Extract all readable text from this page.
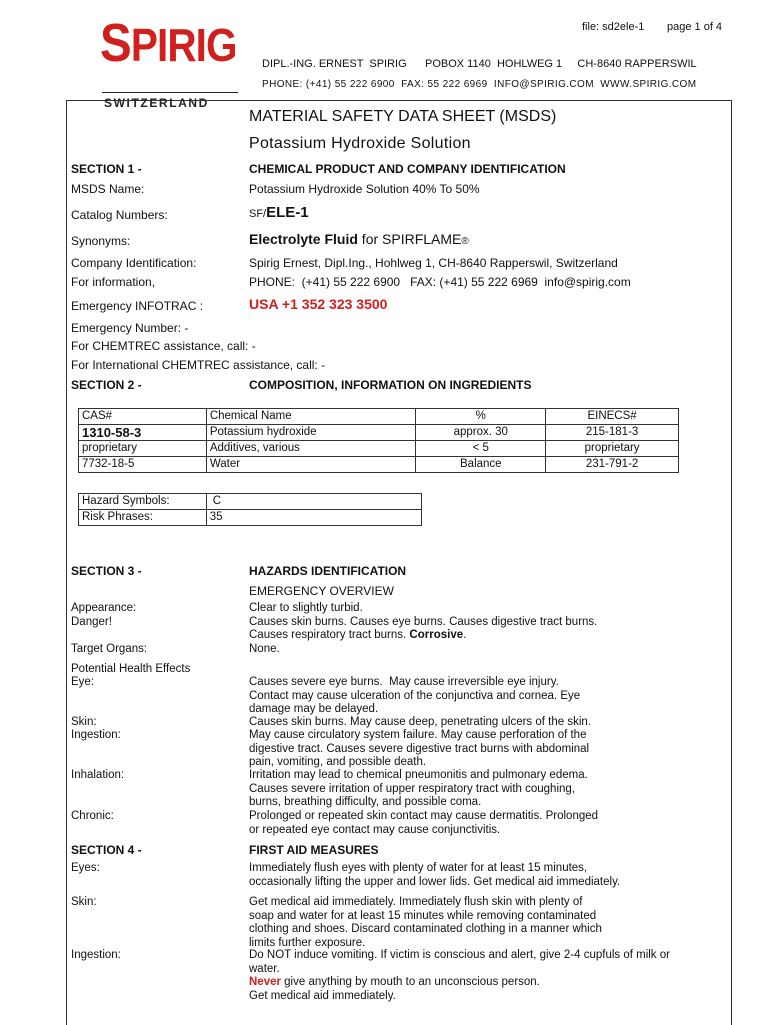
file: sd2ele-1 page 1 of 4
SPIRIG
SWITZERLAND
DIPL.-ING. ERNEST  SPIRIG      POBOX 1140  HOHLWEG 1     CH-8640 RAPPERSWIL
PHONE: (+41) 55 222 6900  FAX: 55 222 6969  INFO@SPIRIG.COM  WWW.SPIRIG.COM
MATERIAL SAFETY DATA SHEET (MSDS)
Potassium Hydroxide Solution
SECTION 1 -	CHEMICAL PRODUCT AND COMPANY IDENTIFICATION
MSDS Name:	Potassium Hydroxide Solution 40% To 50%
Catalog Numbers:	SF/ELE-1
Synonyms:	Electrolyte Fluid for SPIRFLAME®
Company Identification:	Spirig Ernest, Dipl.Ing., Hohlweg 1, CH-8640 Rapperswil, Switzerland
For information,	PHONE:  (+41) 55 222 6900   FAX: (+41) 55 222 6969  info@spirig.com
Emergency INFOTRAC :	USA +1 352 323 3500
Emergency Number: -
For CHEMTREC assistance, call: -
For International CHEMTREC assistance, call: -
SECTION 2 -	COMPOSITION, INFORMATION ON INGREDIENTS
CAS#	Chemical Name	%	EINECS#
1310-58-3	Potassium hydroxide	approx. 30	215-181-3
proprietary	Additives, various	< 5	proprietary
7732-18-5	Water	Balance	231-791-2
Hazard Symbols:	C
Risk Phrases:	35
SECTION 3 -	HAZARDS IDENTIFICATION
EMERGENCY OVERVIEW
Appearance:	Clear to slightly turbid.
Danger!	Causes skin burns. Causes eye burns. Causes digestive tract burns.
Causes respiratory tract burns. Corrosive.
Target Organs:	None.
Potential Health Effects
Eye:	Causes severe eye burns.  May cause irreversible eye injury.
Contact may cause ulceration of the conjunctiva and cornea. Eye
damage may be delayed.
Skin:	Causes skin burns. May cause deep, penetrating ulcers of the skin.
Ingestion:	May cause circulatory system failure. May cause perforation of the
digestive tract. Causes severe digestive tract burns with abdominal
pain, vomiting, and possible death.
Inhalation:	Irritation may lead to chemical pneumonitis and pulmonary edema.
Causes severe irritation of upper respiratory tract with coughing,
burns, breathing difficulty, and possible coma.
Chronic:	Prolonged or repeated skin contact may cause dermatitis. Prolonged
or repeated eye contact may cause conjunctivitis.
SECTION 4 -	FIRST AID MEASURES
Eyes:	Immediately flush eyes with plenty of water for at least 15 minutes,
occasionally lifting the upper and lower lids. Get medical aid immediately.
Skin:	Get medical aid immediately. Immediately flush skin with plenty of
soap and water for at least 15 minutes while removing contaminated
clothing and shoes. Discard contaminated clothing in a manner which
limits further exposure.
Ingestion:	Do NOT induce vomiting. If victim is conscious and alert, give 2-4 cupfuls of milk or
water.
Never give anything by mouth to an unconscious person.
Get medical aid immediately.
